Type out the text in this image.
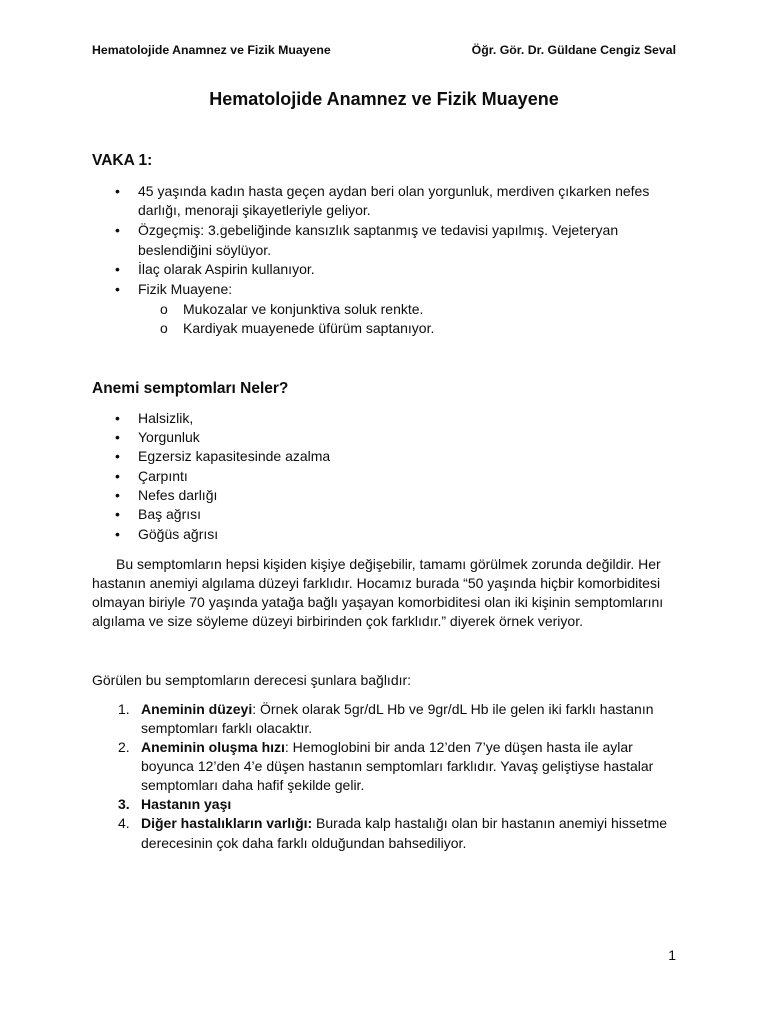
Hematolojide Anamnez ve Fizik Muayene	Öğr. Gör. Dr. Güldane Cengiz Seval
Hematolojide Anamnez ve Fizik Muayene
VAKA 1:
• 45 yaşında kadın hasta geçen aydan beri olan yorgunluk, merdiven çıkarken nefes
darlığı, menoraji şikayetleriyle geliyor.
• Özgeçmiş: 3.gebeliğinde kansızlık saptanmış ve tedavisi yapılmış. Vejeteryan
beslendiğini söylüyor.
• İlaç olarak Aspirin kullanıyor.
• Fizik Muayene:
o Mukozalar ve konjunktiva soluk renkte.
o Kardiyak muayenede üfürüm saptanıyor.
Anemi semptomları Neler?
• Halsizlik,
• Yorgunluk
• Egzersiz kapasitesinde azalma
• Çarpıntı
• Nefes darlığı
• Baş ağrısı
• Göğüs ağrısı
Bu semptomların hepsi kişiden kişiye değişebilir, tamamı görülmek zorunda değildir. Her
hastanın anemiyi algılama düzeyi farklıdır. Hocamız burada “50 yaşında hiçbir komorbiditesi
olmayan biriyle 70 yaşında yatağa bağlı yaşayan komorbiditesi olan iki kişinin semptomlarını
algılama ve size söyleme düzeyi birbirinden çok farklıdır.” diyerek örnek veriyor.
Görülen bu semptomların derecesi şunlara bağlıdır:
1. Aneminin düzeyi: Örnek olarak 5gr/dL Hb ve 9gr/dL Hb ile gelen iki farklı hastanın
semptomları farklı olacaktır.
2. Aneminin oluşma hızı: Hemoglobini bir anda 12’den 7’ye düşen hasta ile aylar
boyunca 12’den 4’e düşen hastanın semptomları farklıdır. Yavaş geliştiyse hastalar
semptomları daha hafif şekilde gelir.
3. Hastanın yaşı
4. Diğer hastalıkların varlığı: Burada kalp hastalığı olan bir hastanın anemiyi hissetme
derecesinin çok daha farklı olduğundan bahsediliyor.
1
